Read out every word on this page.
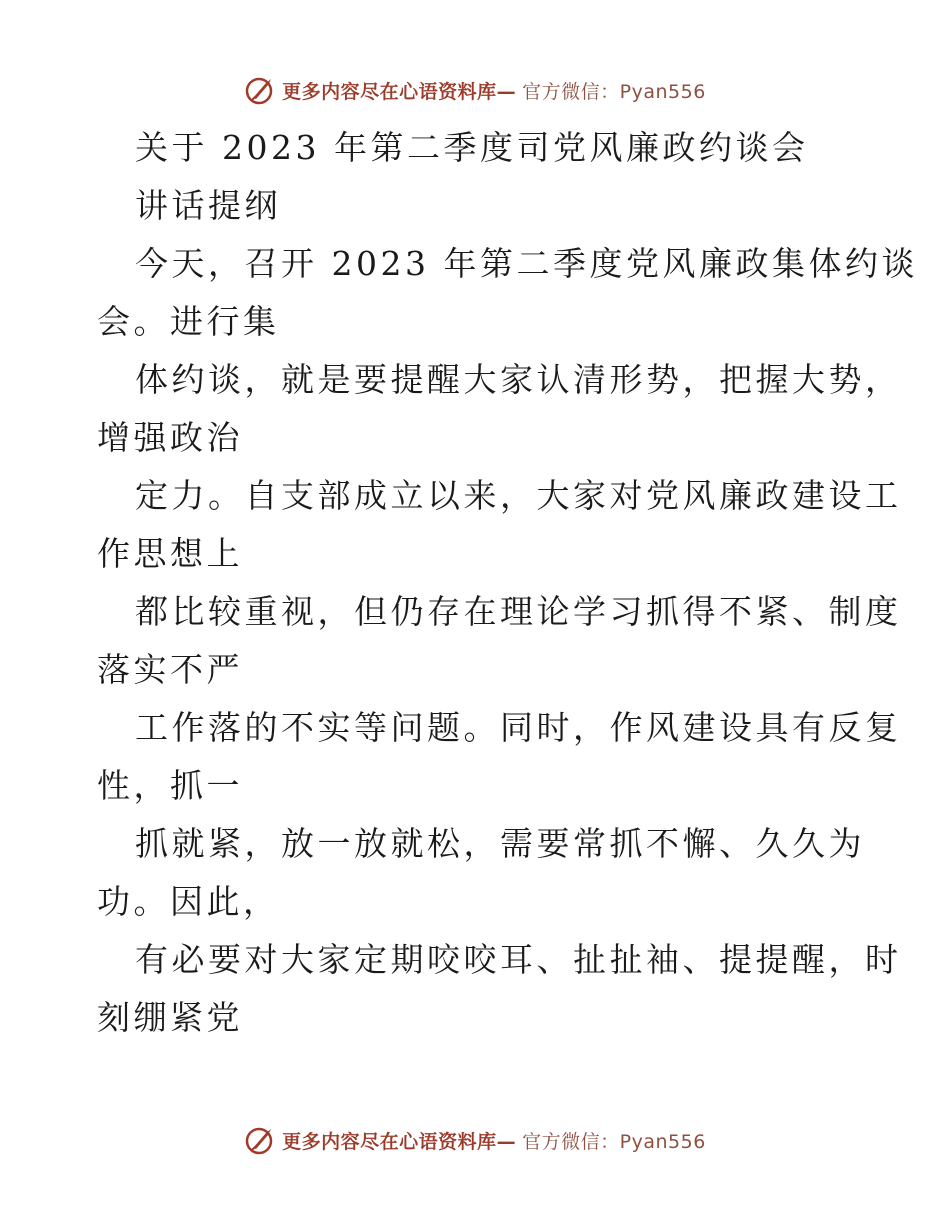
更多内容尽在心语资料库— 官方微信：Pyan556
关于 2023 年第二季度司党风廉政约谈会
讲话提纲
今天，召开 2023 年第二季度党风廉政集体约谈
会。进行集
体约谈，就是要提醒大家认清形势，把握大势，
增强政治
定力。自支部成立以来，大家对党风廉政建设工
作思想上
都比较重视，但仍存在理论学习抓得不紧、制度
落实不严
工作落的不实等问题。同时，作风建设具有反复
性，抓一
抓就紧，放一放就松，需要常抓不懈、久久为
功。因此，
有必要对大家定期咬咬耳、扯扯袖、提提醒，时
刻绷紧党
更多内容尽在心语资料库— 官方微信：Pyan556
